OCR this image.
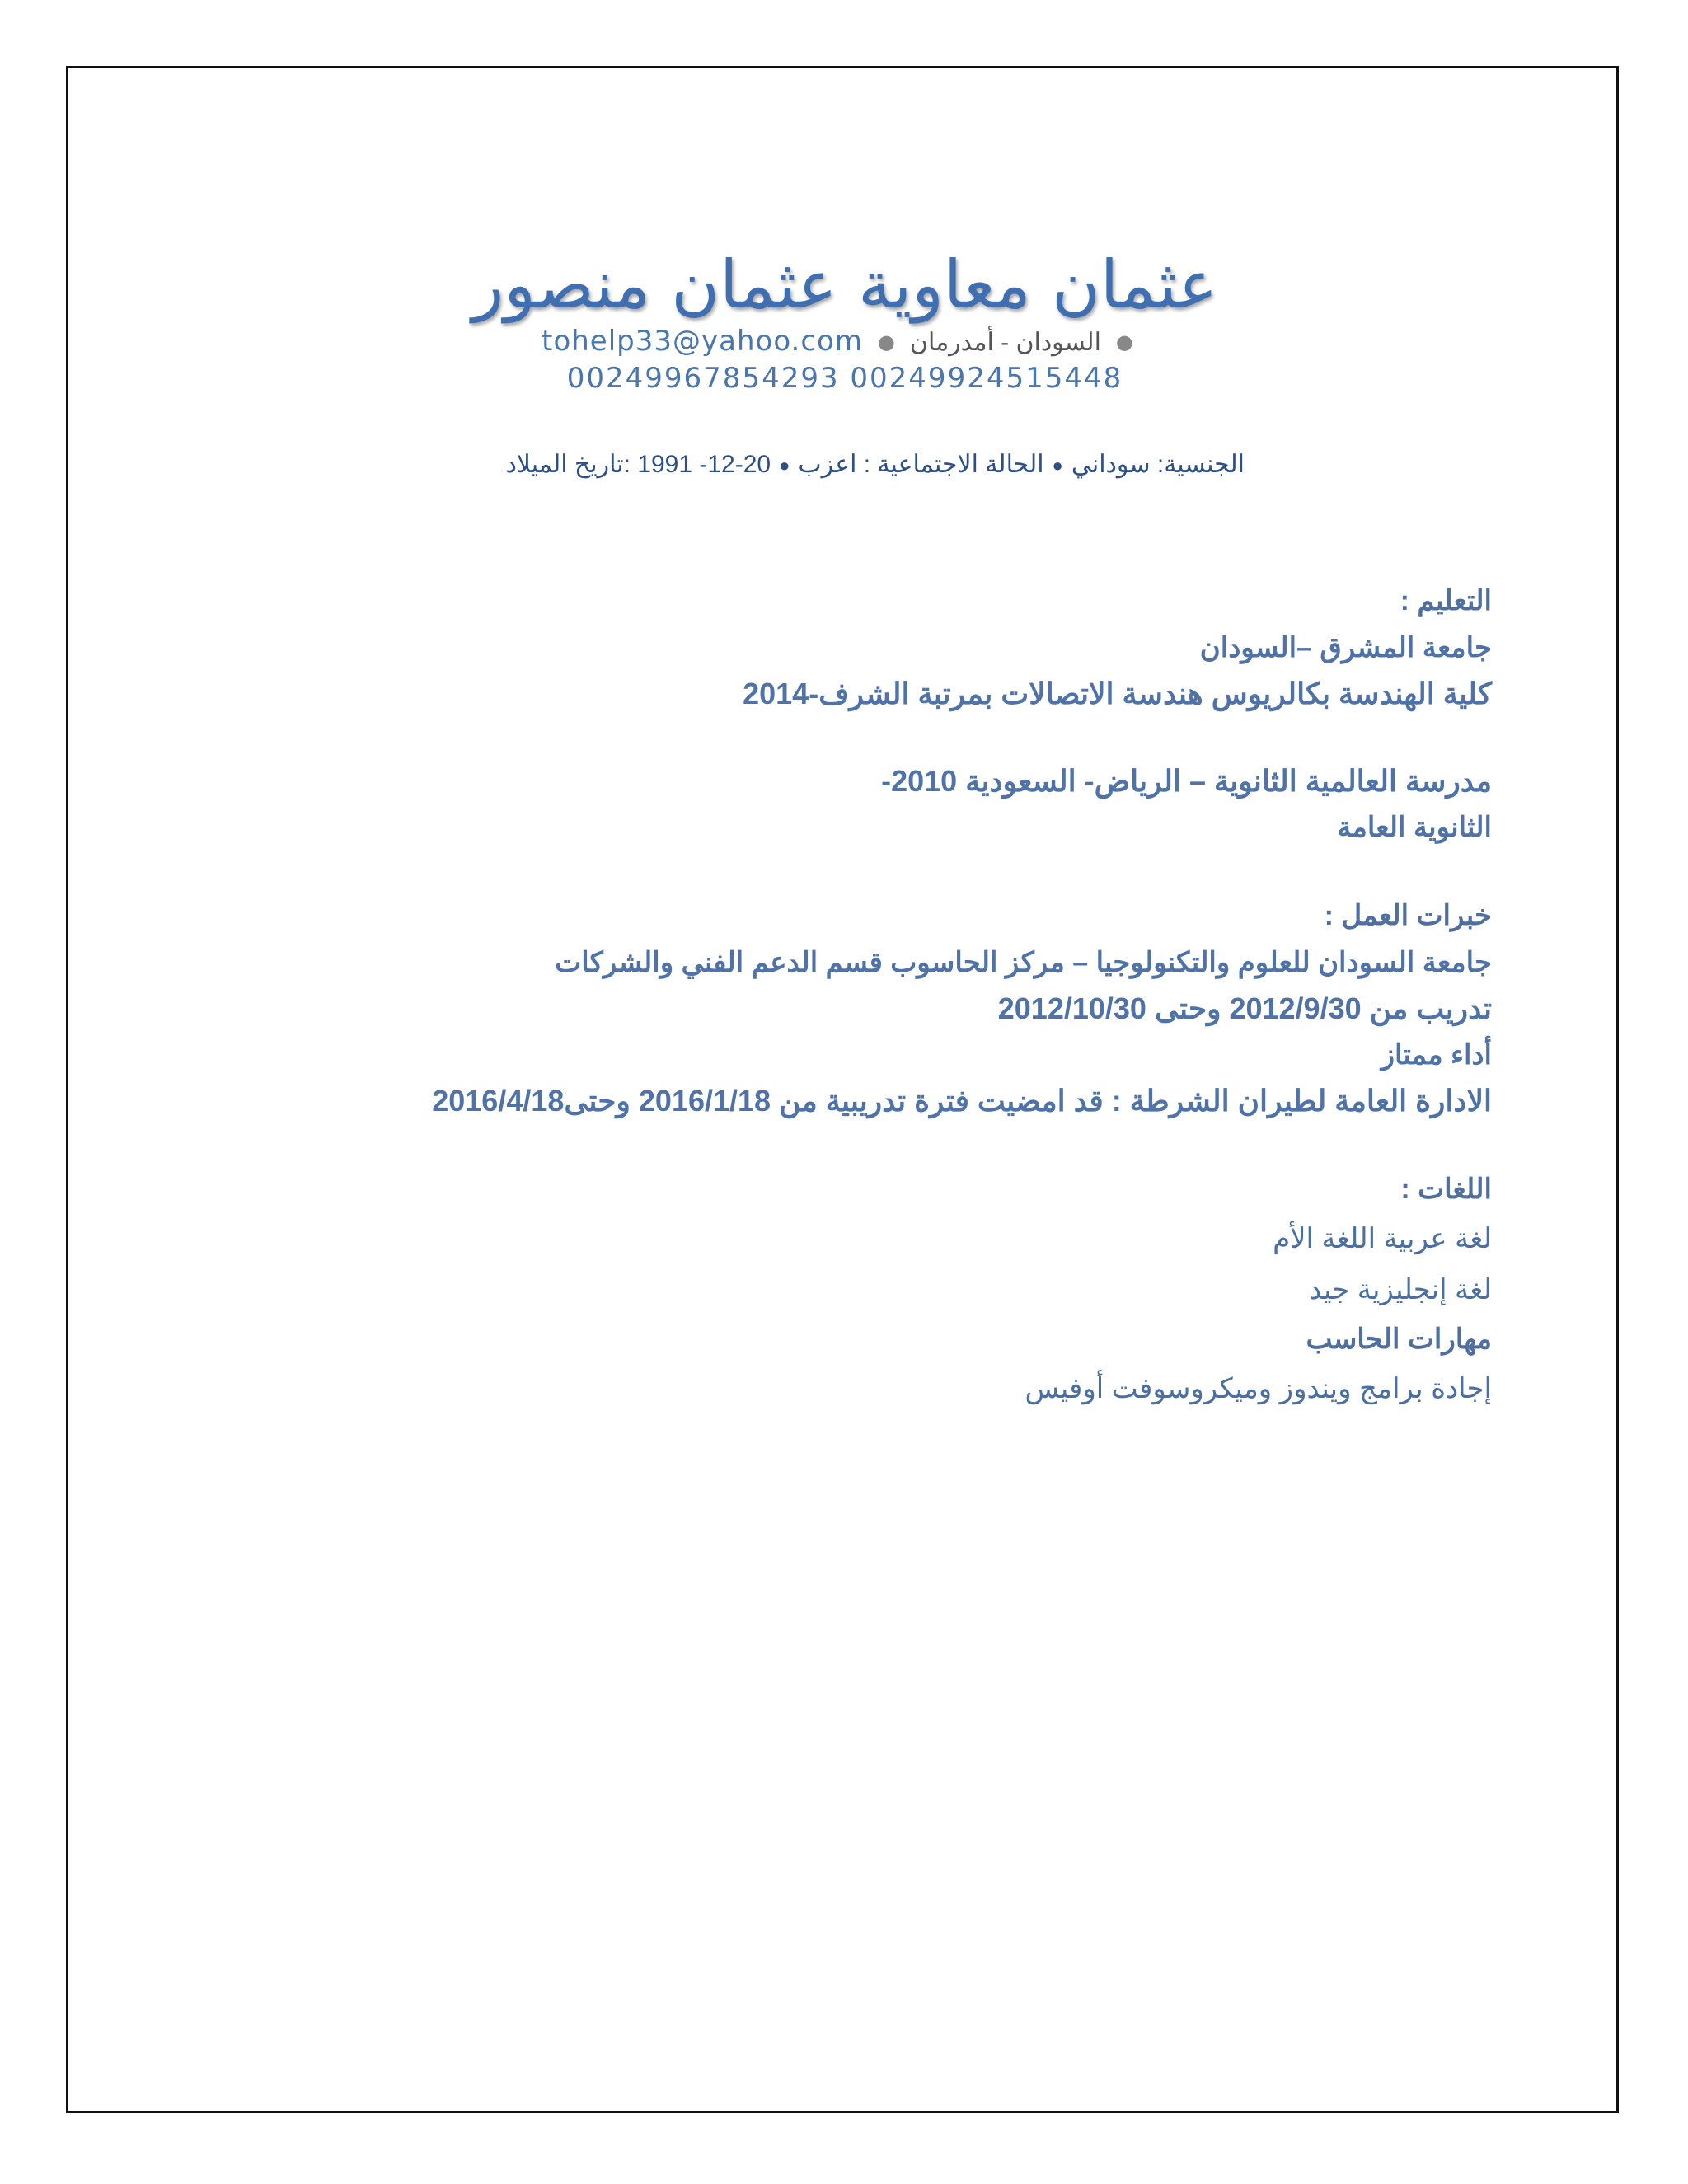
عثمان معاوية عثمان منصور
●السودان - أمدرمان●tohelp33@yahoo.com
00249967854293 00249924515448
الجنسية: سوداني●الحالة الاجتماعية : اعزب●20-12- 1991 :تاريخ الميلاد
التعليم :
جامعة المشرق –السودان
كلية الهندسة بكالريوس هندسة الاتصالات بمرتبة الشرف-2014
مدرسة العالمية الثانوية – الرياض- السعودية 2010-
الثانوية العامة
خبرات العمل :
جامعة السودان للعلوم والتكنولوجيا – مركز الحاسوب قسم الدعم الفني والشركات
تدريب من 2012/9/30 وحتى 2012/10/30
أداء ممتاز
الادارة العامة لطيران الشرطة : قد امضيت فترة تدريبية من 2016/1/18 وحتى2016/4/18
اللغات :
لغة عربية اللغة الأم
لغة إنجليزية جيد
مهارات الحاسب
إجادة برامج ويندوز وميكروسوفت أوفيس
